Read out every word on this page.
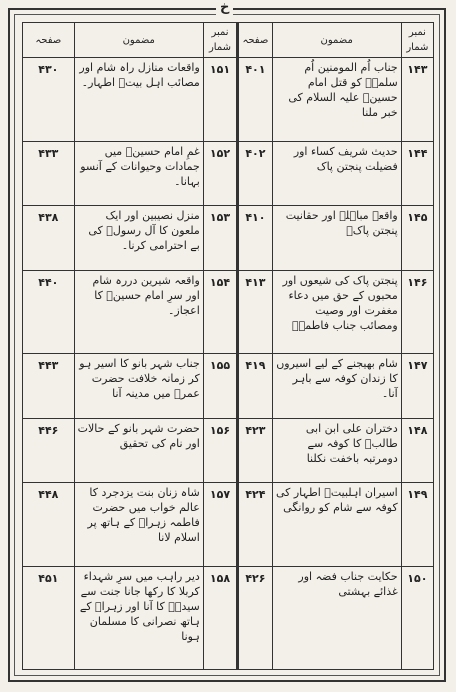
خ
نمبر شمار	مضمون	صفحہ	نمبر شمار	مضمون	صفحہ
۱۴۳	جناب اُم المومنین اُم سلمہؓ کو قتل امام حسینؑ علیہ السلام کی خبر ملنا	۴۰۱	۱۵۱	واقعات منازل راہ شام اور مصائب اہل بیتؑ اطہار۔	۴۳۰
۱۴۴	حدیث شریف کساء اور فضیلت پنجتن پاک	۴۰۲	۱۵۲	غمِ امام حسینؑ میں جمادات وحیوانات کے آنسو بہانا۔	۴۳۳
۱۴۵	واقعہ مباہلہ اور حقانیت پنجتن پاکؑ	۴۱۰	۱۵۳	منزل نصیبین اور ایک ملعون کا آل رسولؐ کی بے احترامی کرنا۔	۴۳۸
۱۴۶	پنجتن پاک کی شیعوں اور محبوں کے حق میں دعاء مغفرت اور وصیت ومصائب جناب فاطمہؑ	۴۱۳	۱۵۴	واقعہ شیرین دررہ شام اور سرِ امام حسینؑ کا اعجاز۔	۴۴۰
۱۴۷	شام بھیجنے کے لیے اسیروں کا زندان کوفہ سے باہر آنا۔	۴۱۹	۱۵۵	جناب شہر بانو کا اسیر ہو کر زمانہ خلافت حضرت عمرؓ میں مدینہ آنا	۴۴۳
۱۴۸	دختران علی ابن ابی طالبؑ کا کوفہ سے دومرتبہ باخفت نکلنا	۴۲۳	۱۵۶	حضرت شہر بانو کے حالات اور نام کی تحقیق	۴۴۶
۱۴۹	اسیران اہلبیتؑ اطہار کی کوفہ سے شام کو روانگی	۴۲۴	۱۵۷	شاہ زنان بنت یزدجرد کا عالم خواب میں حضرت فاطمہ زہراؑ کے ہاتھ پر اسلام لانا	۴۴۸
۱۵۰	حکایت جناب فضہ اور غذائے بہشتی	۴۲۶	۱۵۸	دیر راہب میں سرِ شہداء کربلا کا رکھا جانا جنت سے سیدہؑ کا آنا اور زہراؑ کے ہاتھ نصرانی کا مسلمان ہونا	۴۵۱
